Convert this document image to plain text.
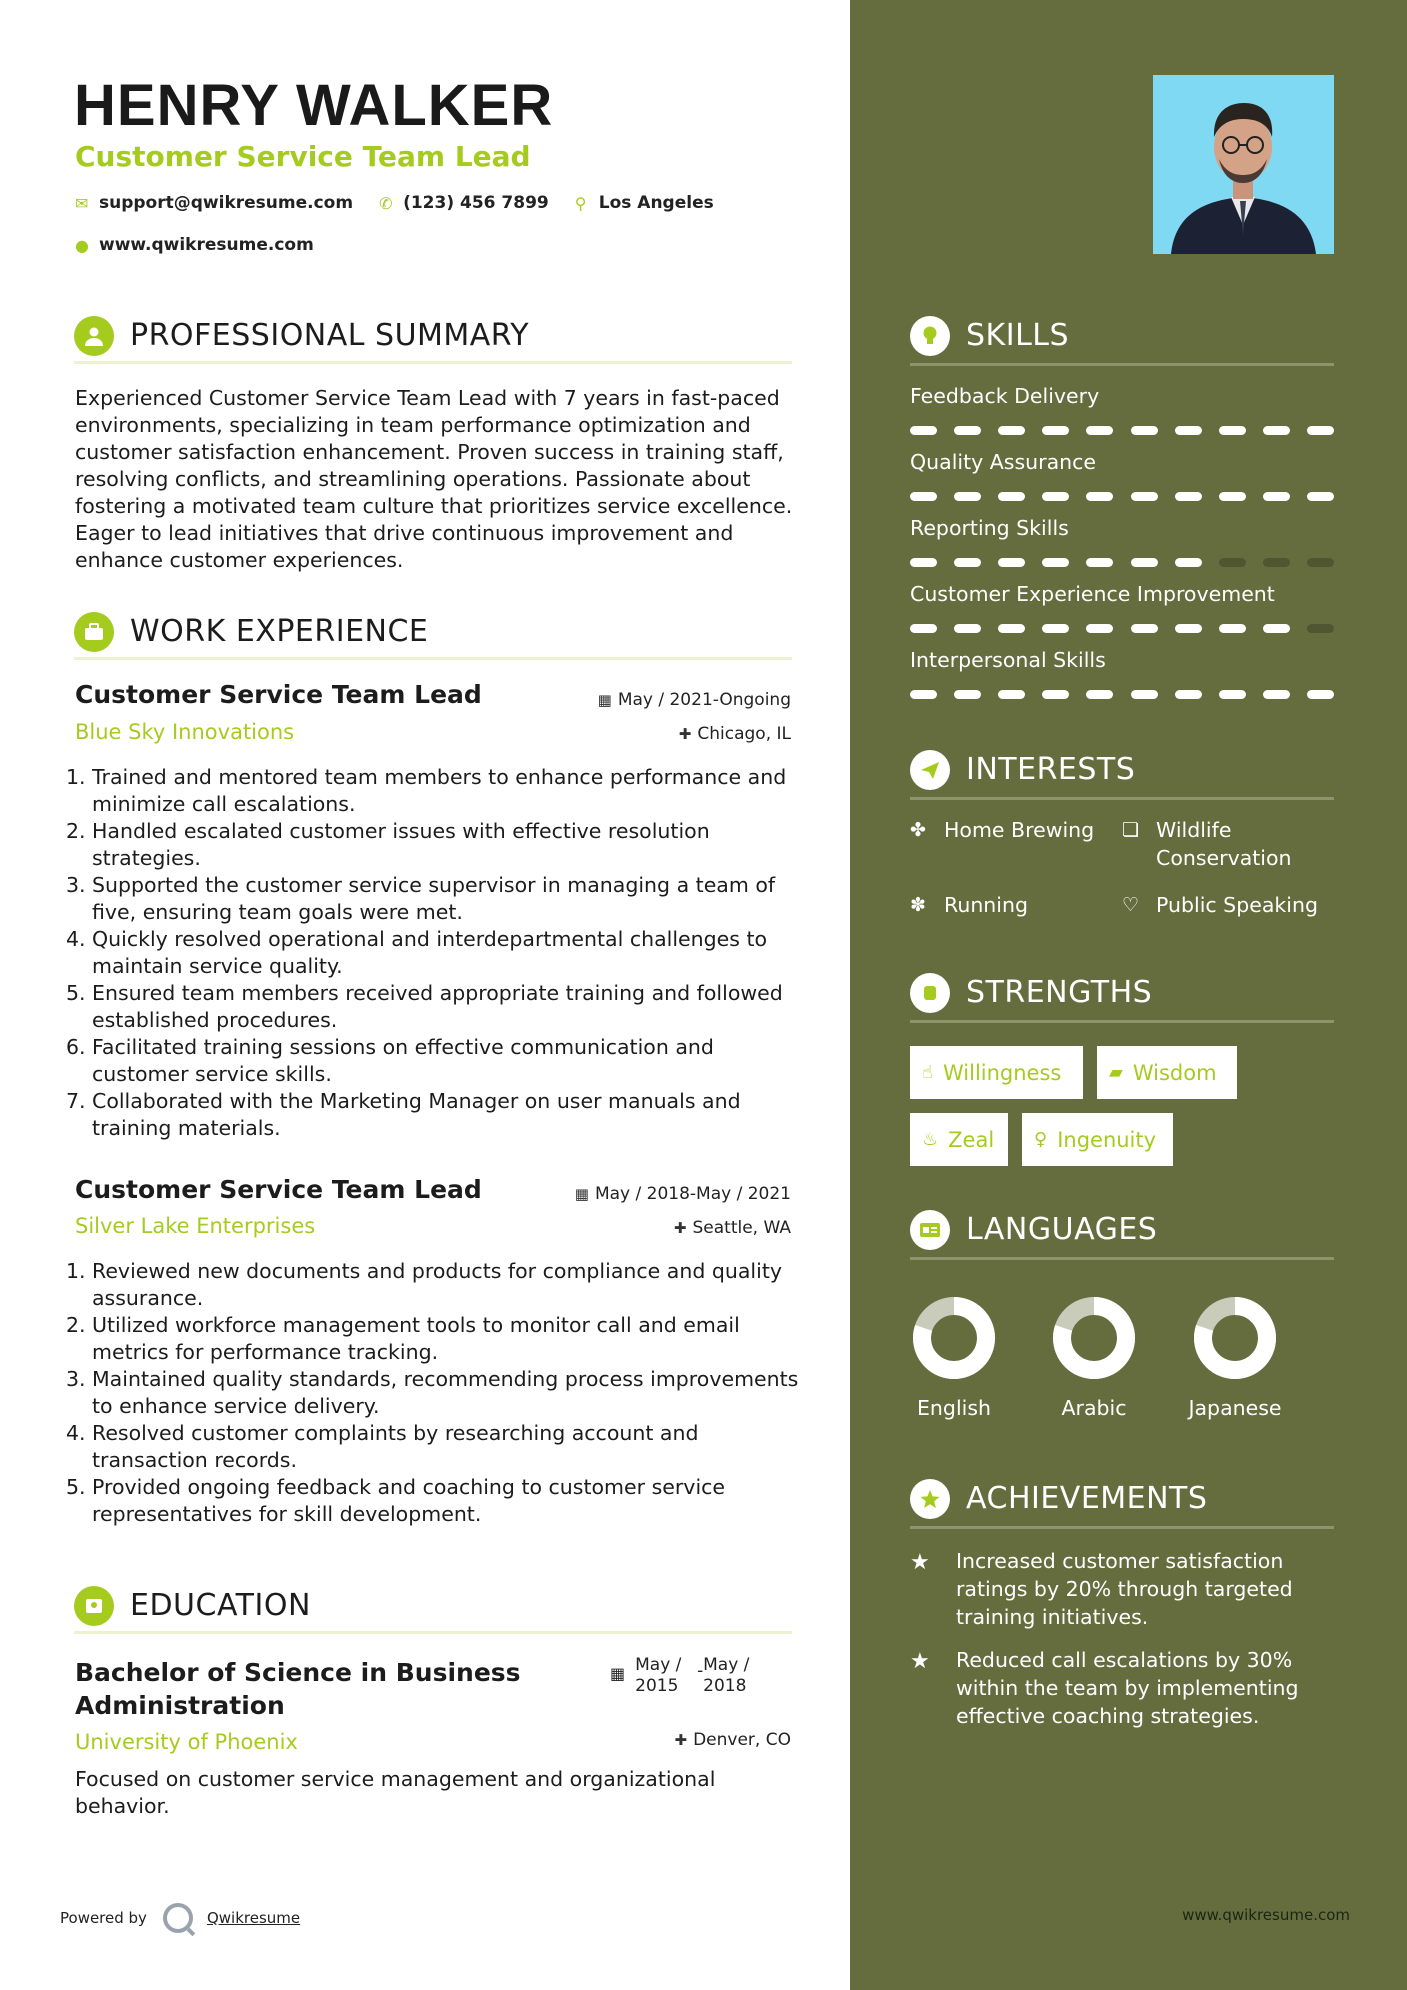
HENRY WALKER
Customer Service Team Lead
✉ support@qwikresume.com ✆ (123) 456 7899 ⚲ Los Angeles
● www.qwikresume.com
PROFESSIONAL SUMMARY
Experienced Customer Service Team Lead with 7 years in fast-paced environments, specializing in team performance optimization and customer satisfaction enhancement. Proven success in training staff, resolving conflicts, and streamlining operations. Passionate about fostering a motivated team culture that prioritizes service excellence. Eager to lead initiatives that drive continuous improvement and enhance customer experiences.
WORK EXPERIENCE
Customer Service Team Lead	▦ May / 2021-Ongoing
Blue Sky Innovations	✚ Chicago, IL
1. Trained and mentored team members to enhance performance and minimize call escalations.
2. Handled escalated customer issues with effective resolution strategies.
3. Supported the customer service supervisor in managing a team of five, ensuring team goals were met.
4. Quickly resolved operational and interdepartmental challenges to maintain service quality.
5. Ensured team members received appropriate training and followed established procedures.
6. Facilitated training sessions on effective communication and customer service skills.
7. Collaborated with the Marketing Manager on user manuals and training materials.
Customer Service Team Lead	▦ May / 2018-May / 2021
Silver Lake Enterprises	✚ Seattle, WA
1. Reviewed new documents and products for compliance and quality assurance.
2. Utilized workforce management tools to monitor call and email metrics for performance tracking.
3. Maintained quality standards, recommending process improvements to enhance service delivery.
4. Resolved customer complaints by researching account and transaction records.
5. Provided ongoing feedback and coaching to customer service representatives for skill development.
EDUCATION
Bachelor of Science in Business Administration
▦ May / 2015
- May / 2018
University of Phoenix	✚ Denver, CO
Focused on customer service management and organizational behavior.
Powered by	Qwikresume
SKILLS
Feedback Delivery
Quality Assurance
Reporting Skills
Customer Experience Improvement
Interpersonal Skills
INTERESTS
✤ Home Brewing	❏ Wildlife Conservation
✽ Running	♡ Public Speaking
STRENGTHS
☝ Willingness	▰ Wisdom
♨ Zeal ♀ Ingenuity
LANGUAGES
English	Arabic	Japanese
ACHIEVEMENTS
★	Increased customer satisfaction ratings by 20% through targeted training initiatives.
★	Reduced call escalations by 30% within the team by implementing effective coaching strategies.
www.qwikresume.com
